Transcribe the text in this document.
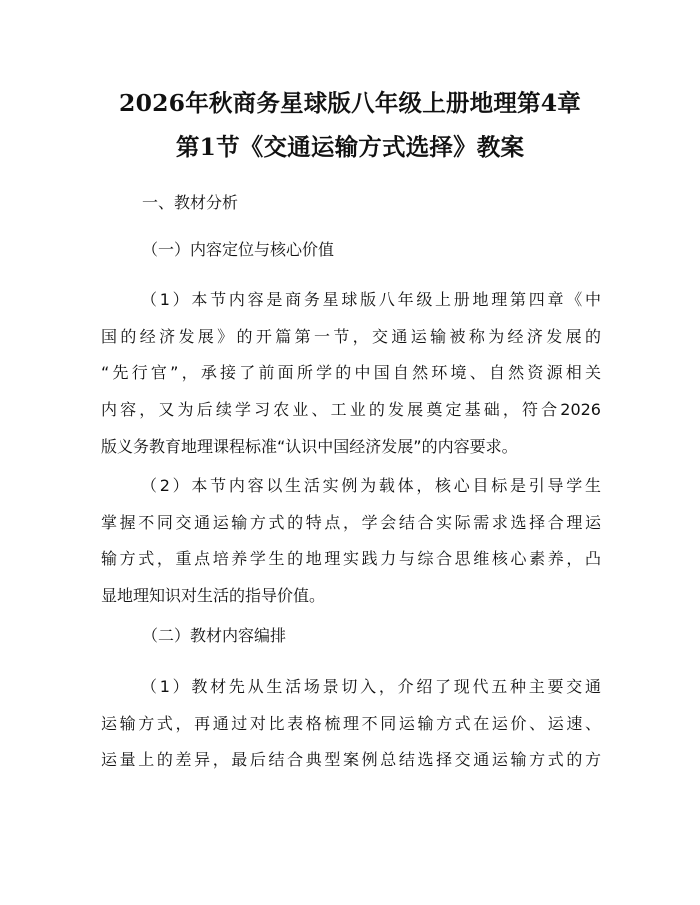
2026年秋商务星球版八年级上册地理第4章
第1节《交通运输方式选择》教案
一、教材分析
（一）内容定位与核心价值
（1）本节内容是商务星球版八年级上册地理第四章《中
国的经济发展》的开篇第一节，交通运输被称为经济发展的
“先行官”，承接了前面所学的中国自然环境、自然资源相关
内容，又为后续学习农业、工业的发展奠定基础，符合2026
版义务教育地理课程标准“认识中国经济发展”的内容要求。
（2）本节内容以生活实例为载体，核心目标是引导学生
掌握不同交通运输方式的特点，学会结合实际需求选择合理运
输方式，重点培养学生的地理实践力与综合思维核心素养，凸
显地理知识对生活的指导价值。
（二）教材内容编排
（1）教材先从生活场景切入，介绍了现代五种主要交通
运输方式，再通过对比表格梳理不同运输方式在运价、运速、
运量上的差异，最后结合典型案例总结选择交通运输方式的方
